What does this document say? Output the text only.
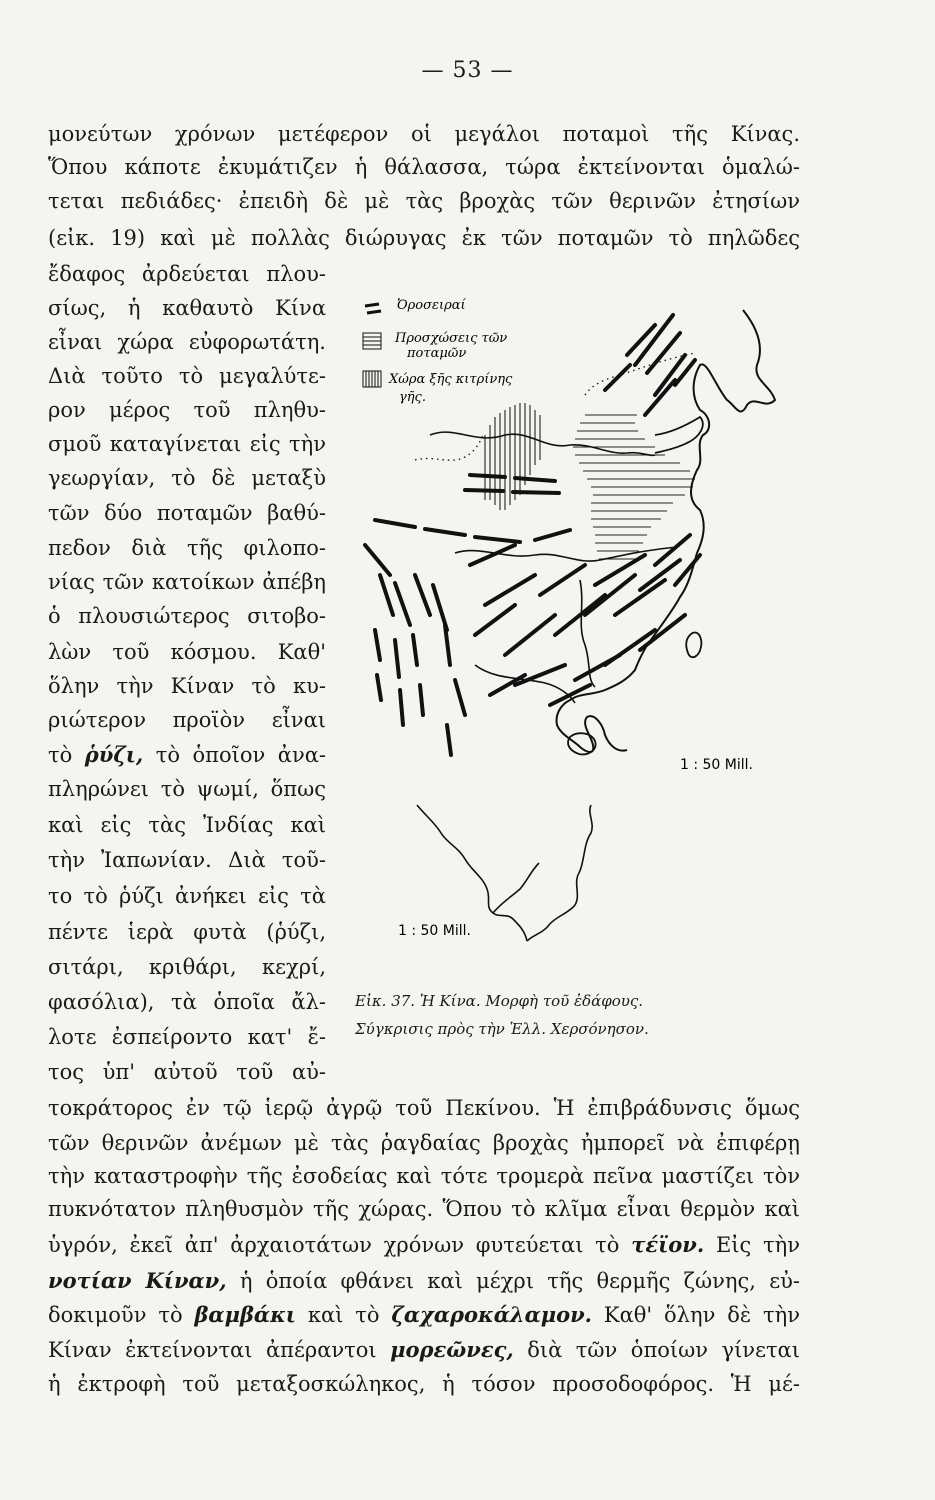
— 53 —
μονεύτων χρόνων μετέφερον οἱ μεγάλοι ποταμοὶ τῆς Κίνας.
Ὅπου κάποτε ἐκυμάτιζεν ἡ θάλασσα, τώρα ἐκτείνονται ὁμαλώ-
τεται πεδιάδες· ἐπειδὴ δὲ μὲ τὰς βροχὰς τῶν θερινῶν ἐτησίων
(εἰκ. 19) καὶ μὲ πολλὰς διώρυγας ἐκ τῶν ποταμῶν τὸ πηλῶδες
ἔδαφος ἀρδεύεται πλου-
σίως, ἡ καθαυτὸ Κίνα
εἶναι χώρα εὐφορωτάτη.
Διὰ τοῦτο τὸ μεγαλύτε-
ρον μέρος τοῦ πληθυ-
σμοῦ καταγίνεται εἰς τὴν
γεωργίαν, τὸ δὲ μεταξὺ
τῶν δύο ποταμῶν βαθύ-
πεδον διὰ τῆς φιλοπο-
νίας τῶν κατοίκων ἀπέβη
ὁ πλουσιώτερος σιτοβο-
λὼν τοῦ κόσμου. Καθ'
ὅλην τὴν Κίναν τὸ κυ-
ριώτερον προϊὸν εἶναι
τὸ ῥύζι, τὸ ὁποῖον ἀνα-
πληρώνει τὸ ψωμί, ὅπως
καὶ εἰς τὰς Ἰνδίας καὶ
τὴν Ἰαπωνίαν. Διὰ τοῦ-
το τὸ ῥύζι ἀνήκει εἰς τὰ
πέντε ἱερὰ φυτὰ (ῥύζι,
σιτάρι, κριθάρι, κεχρί,
φασόλια), τὰ ὁποῖα ἄλ-
λοτε ἐσπείροντο κατ' ἔ-
τος ὑπ' αὐτοῦ τοῦ αὐ-
τοκράτορος ἐν τῷ ἱερῷ ἀγρῷ τοῦ Πεκίνου. Ἡ ἐπιβράδυνσις ὅμως
τῶν θερινῶν ἀνέμων μὲ τὰς ῥαγδαίας βροχὰς ἠμπορεῖ νὰ ἐπιφέρῃ
τὴν καταστροφὴν τῆς ἐσοδείας καὶ τότε τρομερὰ πεῖνα μαστίζει τὸν
πυκνότατον πληθυσμὸν τῆς χώρας. Ὅπου τὸ κλῖμα εἶναι θερμὸν καὶ
ὑγρόν, ἐκεῖ ἀπ' ἀρχαιοτάτων χρόνων φυτεύεται τὸ τέϊον. Εἰς τὴν
νοτίαν Κίναν, ἡ ὁποία φθάνει καὶ μέχρι τῆς θερμῆς ζώνης, εὐ-
δοκιμοῦν τὸ βαμβάκι καὶ τὸ ζαχαροκάλαμον. Καθ' ὅλην δὲ τὴν
Κίναν ἐκτείνονται ἀπέραντοι μορεῶνες, διὰ τῶν ὁποίων γίνεται
ἡ ἐκτροφὴ τοῦ μεταξοσκώληκος, ἡ τόσον προσοδοφόρος. Ἡ μέ-
Ὀροσειραί
Προσχώσεις τῶν
ποταμῶν
Χώρα ξῆς κιτρίνης
γῆς.
1 : 50 Mill.
1 : 50 Mill.
Εἰκ. 37. Ἡ Κίνα. Μορφὴ τοῦ ἐδάφους.
Σύγκρισις πρὸς τὴν Ἑλλ. Χερσόνησον.
